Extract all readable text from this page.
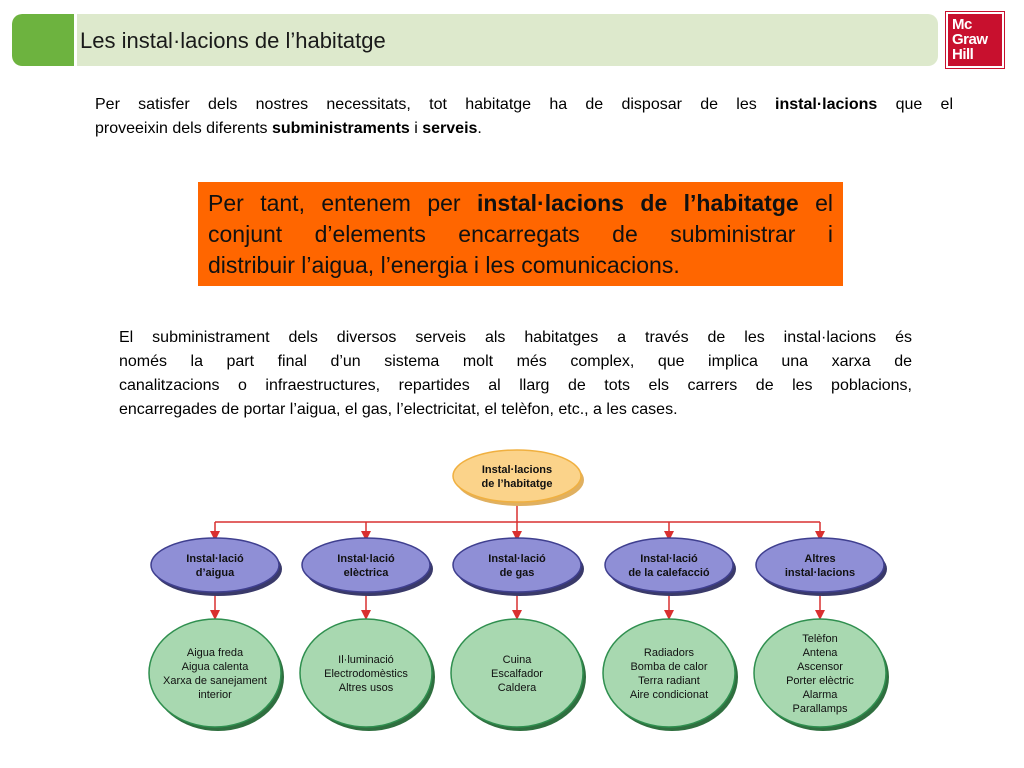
Les instal·lacions de l’habitatge
Mc
Graw
Hill
Per satisfer dels nostres necessitats, tot habitatge ha de disposar de les instal·lacions que el
proveeixin dels diferents subministraments i serveis.
Per tant, entenem per instal·lacions de l’habitatge el
conjunt d’elements encarregats de subministrar i
distribuir l’aigua, l’energia i les comunicacions.
El subministrament dels diversos serveis als habitatges a través de les instal·lacions és
només la part final d’un sistema molt més complex, que implica una xarxa de
canalitzacions o infraestructures, repartides al llarg de tots els carrers de les poblacions,
encarregades de portar l’aigua, el gas, l’electricitat, el telèfon, etc., a les cases.
Instal·lacions
de l’habitatge
Instal·lació
d’aigua
Instal·lació
elèctrica
Instal·lació
de gas
Instal·lació
de la calefacció
Altres
instal·lacions
Aigua freda
Aigua calenta
Xarxa de sanejament
interior
Il·luminació
Electrodomèstics
Altres usos
Cuina
Escalfador
Caldera
Radiadors
Bomba de calor
Terra radiant
Aire condicionat
Telèfon
Antena
Ascensor
Porter elèctric
Alarma
Parallamps
